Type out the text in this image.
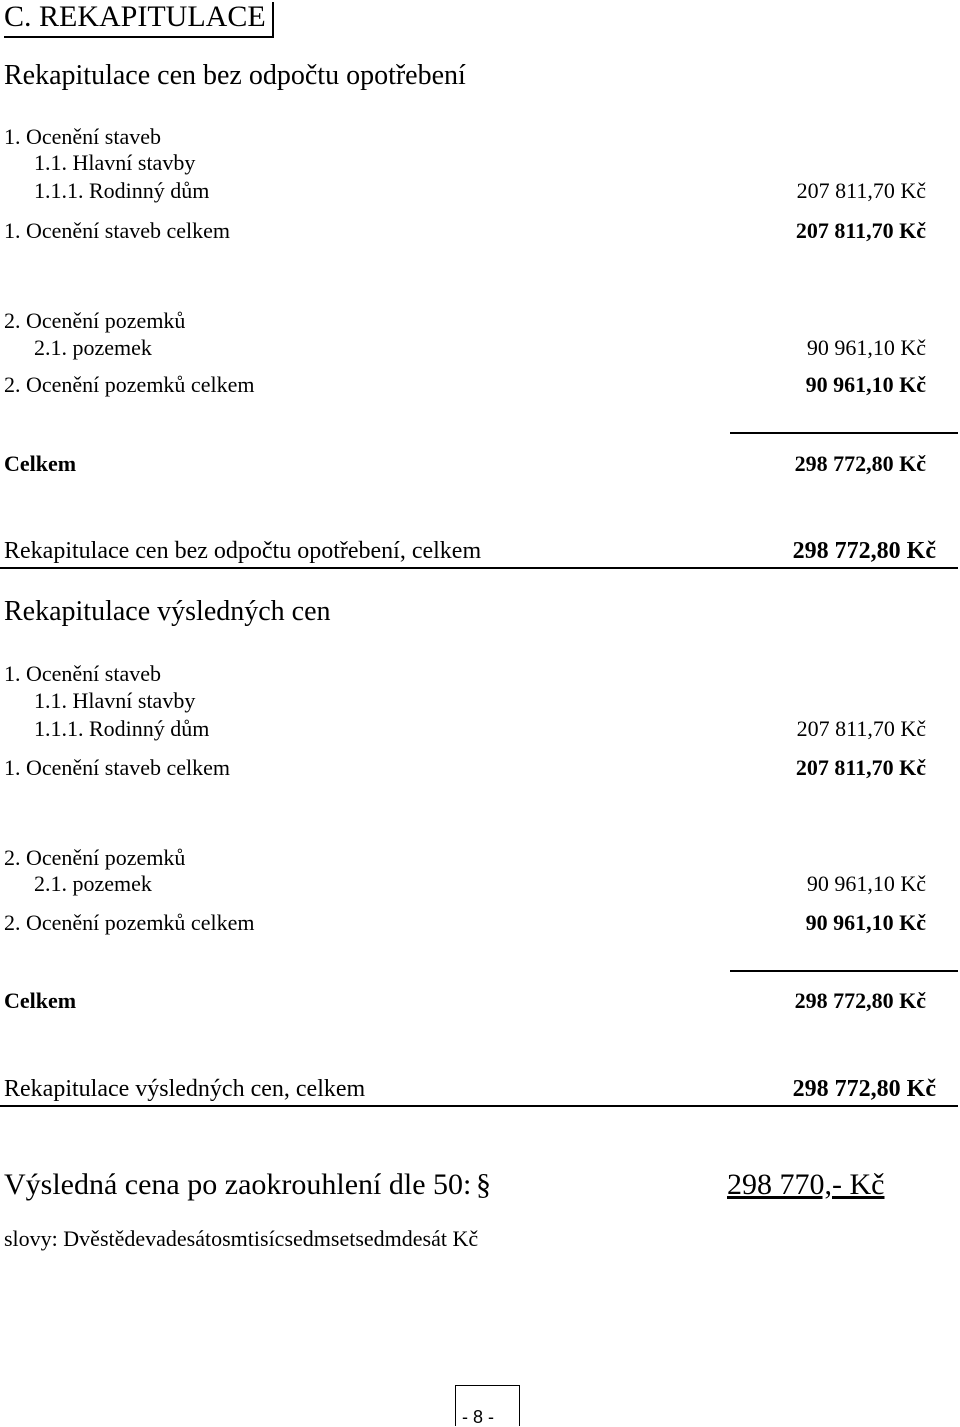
C. REKAPITULACE
Rekapitulace cen bez odpočtu opotřebení
1. Ocenění staveb
1.1. Hlavní stavby
1.1.1. Rodinný dům	207 811,70 Kč
1. Ocenění staveb celkem	207 811,70 Kč
2. Ocenění pozemků
2.1. pozemek	90 961,10 Kč
2. Ocenění pozemků celkem	90 961,10 Kč
Celkem	298 772,80 Kč
Rekapitulace cen bez odpočtu opotřebení, celkem	298 772,80 Kč
Rekapitulace výsledných cen
1. Ocenění staveb
1.1. Hlavní stavby
1.1.1. Rodinný dům	207 811,70 Kč
1. Ocenění staveb celkem	207 811,70 Kč
2. Ocenění pozemků
2.1. pozemek	90 961,10 Kč
2. Ocenění pozemků celkem	90 961,10 Kč
Celkem	298 772,80 Kč
Rekapitulace výsledných cen, celkem	298 772,80 Kč
Výsledná cena po zaokrouhlení dle 50: §	298 770,- Kč
slovy: Dvěstědevadesátosmtisícsedmsetsedmdesát Kč
- 8 -
